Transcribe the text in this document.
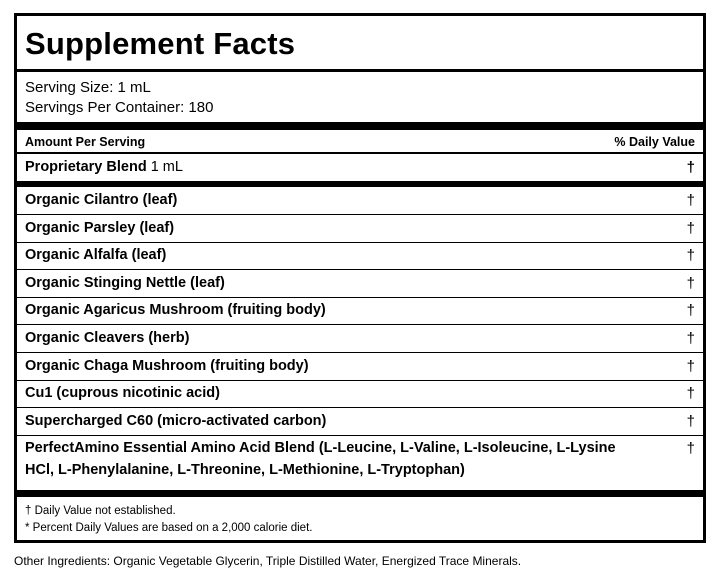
Supplement Facts
Serving Size: 1 mL
Servings Per Container: 180
Amount Per Serving	% Daily Value
Proprietary Blend 1 mL	†
Organic Cilantro (leaf)	†
Organic Parsley (leaf)	†
Organic Alfalfa (leaf)	†
Organic Stinging Nettle (leaf)	†
Organic Agaricus Mushroom (fruiting body)	†
Organic Cleavers (herb)	†
Organic Chaga Mushroom (fruiting body)	†
Cu1 (cuprous nicotinic acid)	†
Supercharged C60 (micro-activated carbon)	†
PerfectAmino Essential Amino Acid Blend (L-Leucine, L-Valine, L-Isoleucine, L-Lysine
HCl, L-Phenylalanine, L-Threonine, L-Methionine, L-Tryptophan)
†
† Daily Value not established.
* Percent Daily Values are based on a 2,000 calorie diet.
Other Ingredients: Organic Vegetable Glycerin, Triple Distilled Water, Energized Trace Minerals.
